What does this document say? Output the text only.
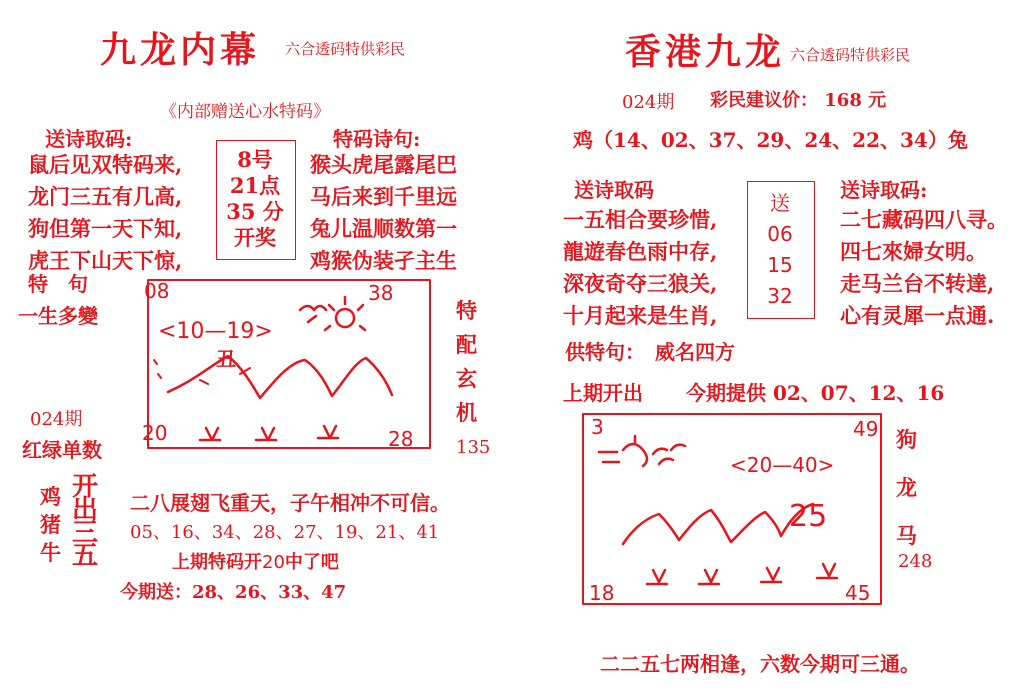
九龙内幕 六合透码特供彩民
《内部赠送心水特码》
送诗取码:
鼠后见双特码来,
龙门三五有几高,
狗但第一天下知,
虎王下山天下惊,
8号
21点
35 分
开奖
特码诗句:
猴头虎尾露尾巴
马后来到千里远
兔儿温顺数第一
鸡猴伪装孑主生
特　句
一生多變
08	38
<10—19>
丑
20	28
特
配
玄
机
024期
红绿单数	135
鸡
猪
牛
开
出
三
五
二八展翅飞重天，子午相冲不可信。
05、16、34、28、27、19、21、41
上期特码开20中了吧
今期送：28、26、33、47
香港九龙 六合透码特供彩民
024期 彩民建议价： 168 元
鸡（14、02、37、29、24、22、34）兔
送诗取码
一五相合要珍惜,
龍遊春色雨中存,
深夜奇夺三狼关,
十月起来是生肖,
送
06
15
32
送诗取码:
二七藏码四八寻。
四七來婦女明。
走马兰台不转達,
心有灵犀一点通.
供特句：　威名四方
上期开出 今期提供 02、07、12、16
3	49
<20—40>
25
18	45
狗
龙
马
248
二二五七两相逢，六数今期可三通。
